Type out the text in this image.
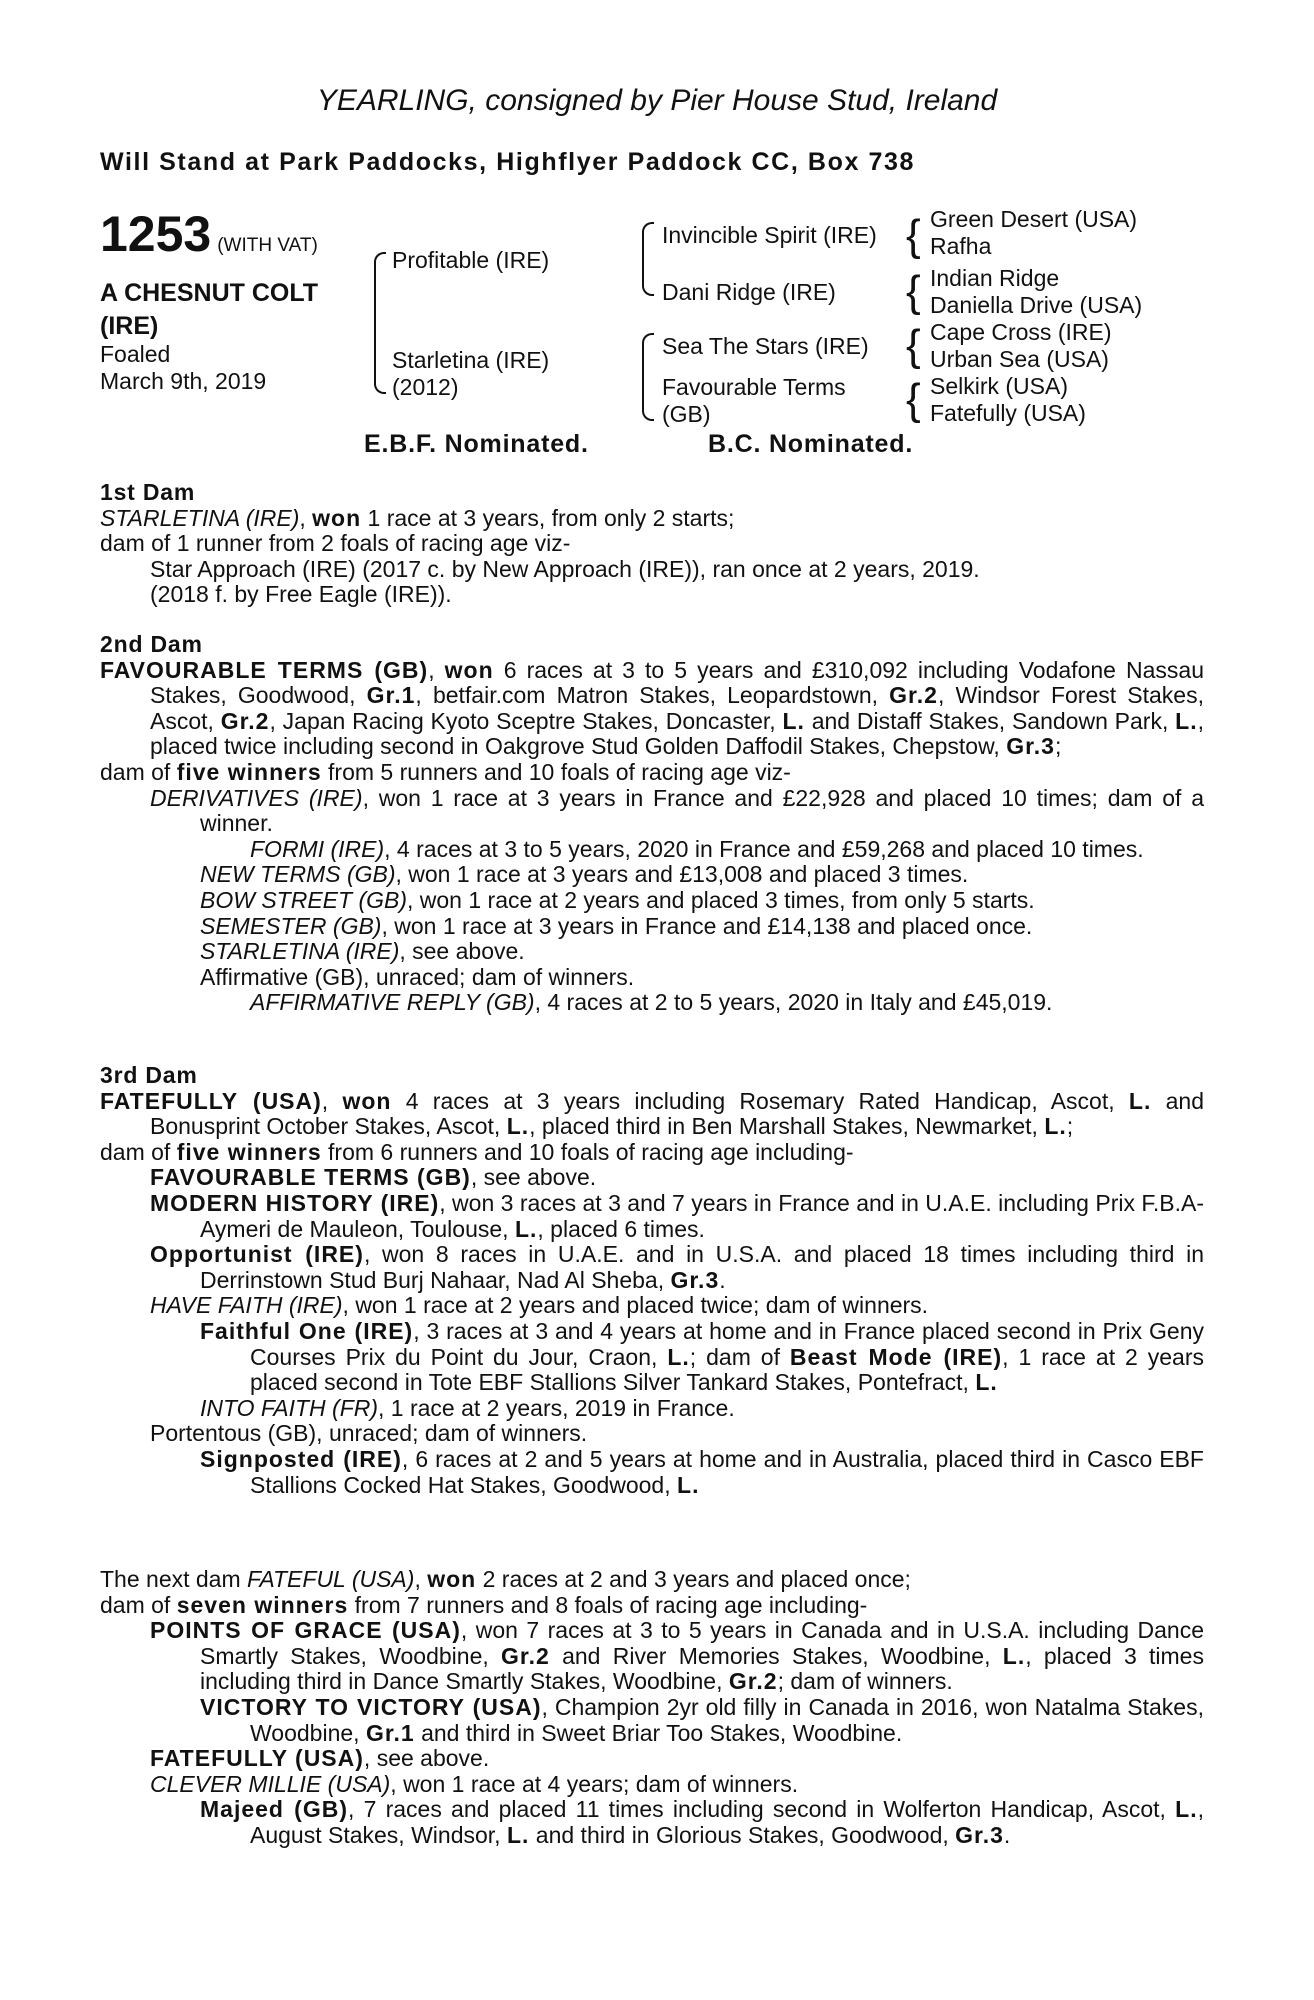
YEARLING, consigned by Pier House Stud, Ireland
Will Stand at Park Paddocks, Highflyer Paddock CC, Box 738
1253 (WITH VAT)
A CHESNUT COLT
(IRE)
Foaled
March 9th, 2019
Profitable (IRE)
Starletina (IRE)
(2012)
Invincible Spirit (IRE)
Dani Ridge (IRE)
Sea The Stars (IRE)
Favourable Terms
(GB)
{ Green Desert (USA)
Rafha
{ Indian Ridge
Daniella Drive (USA)
{ Cape Cross (IRE)
Urban Sea (USA)
{ Selkirk (USA)
Fatefully (USA)
E.B.F. Nominated.	B.C. Nominated.
1st Dam
STARLETINA (IRE), won 1 race at 3 years, from only 2 starts;
dam of 1 runner from 2 foals of racing age viz-
Star Approach (IRE) (2017 c. by New Approach (IRE)), ran once at 2 years, 2019.
(2018 f. by Free Eagle (IRE)).
2nd Dam
FAVOURABLE TERMS (GB), won 6 races at 3 to 5 years and £310,092 including Vodafone Nassau Stakes, Goodwood, Gr.1, betfair.com Matron Stakes, Leopardstown, Gr.2, Windsor Forest Stakes, Ascot, Gr.2, Japan Racing Kyoto Sceptre Stakes, Doncaster, L. and Distaff Stakes, Sandown Park, L., placed twice including second in Oakgrove Stud Golden Daffodil Stakes, Chepstow, Gr.3;
dam of five winners from 5 runners and 10 foals of racing age viz-
DERIVATIVES (IRE), won 1 race at 3 years in France and £22,928 and placed 10 times; dam of a winner.
FORMI (IRE), 4 races at 3 to 5 years, 2020 in France and £59,268 and placed 10 times.
NEW TERMS (GB), won 1 race at 3 years and £13,008 and placed 3 times.
BOW STREET (GB), won 1 race at 2 years and placed 3 times, from only 5 starts.
SEMESTER (GB), won 1 race at 3 years in France and £14,138 and placed once.
STARLETINA (IRE), see above.
Affirmative (GB), unraced; dam of winners.
AFFIRMATIVE REPLY (GB), 4 races at 2 to 5 years, 2020 in Italy and £45,019.
3rd Dam
FATEFULLY (USA), won 4 races at 3 years including Rosemary Rated Handicap, Ascot, L. and Bonusprint October Stakes, Ascot, L., placed third in Ben Marshall Stakes, Newmarket, L.;
dam of five winners from 6 runners and 10 foals of racing age including-
FAVOURABLE TERMS (GB), see above.
MODERN HISTORY (IRE), won 3 races at 3 and 7 years in France and in U.A.E. including Prix F.B.A-Aymeri de Mauleon, Toulouse, L., placed 6 times.
Opportunist (IRE), won 8 races in U.A.E. and in U.S.A. and placed 18 times including third in Derrinstown Stud Burj Nahaar, Nad Al Sheba, Gr.3.
HAVE FAITH (IRE), won 1 race at 2 years and placed twice; dam of winners.
Faithful One (IRE), 3 races at 3 and 4 years at home and in France placed second in Prix Geny Courses Prix du Point du Jour, Craon, L.; dam of Beast Mode (IRE), 1 race at 2 years placed second in Tote EBF Stallions Silver Tankard Stakes, Pontefract, L.
INTO FAITH (FR), 1 race at 2 years, 2019 in France.
Portentous (GB), unraced; dam of winners.
Signposted (IRE), 6 races at 2 and 5 years at home and in Australia, placed third in Casco EBF Stallions Cocked Hat Stakes, Goodwood, L.
The next dam FATEFUL (USA), won 2 races at 2 and 3 years and placed once;
dam of seven winners from 7 runners and 8 foals of racing age including-
POINTS OF GRACE (USA), won 7 races at 3 to 5 years in Canada and in U.S.A. including Dance Smartly Stakes, Woodbine, Gr.2 and River Memories Stakes, Woodbine, L., placed 3 times including third in Dance Smartly Stakes, Woodbine, Gr.2; dam of winners.
VICTORY TO VICTORY (USA), Champion 2yr old filly in Canada in 2016, won Natalma Stakes, Woodbine, Gr.1 and third in Sweet Briar Too Stakes, Woodbine.
FATEFULLY (USA), see above.
CLEVER MILLIE (USA), won 1 race at 4 years; dam of winners.
Majeed (GB), 7 races and placed 11 times including second in Wolferton Handicap, Ascot, L., August Stakes, Windsor, L. and third in Glorious Stakes, Goodwood, Gr.3.
